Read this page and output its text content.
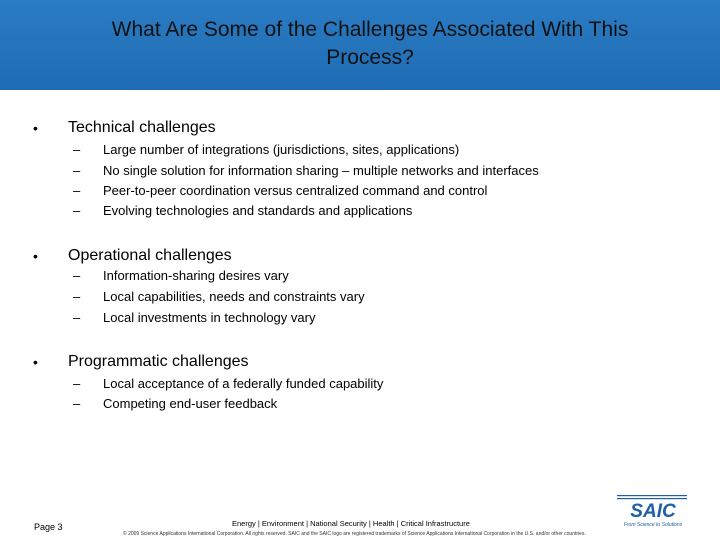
What Are Some of the Challenges Associated With This
Process?
• Technical challenges
– Large number of integrations (jurisdictions, sites, applications)
– No single solution for information sharing – multiple networks and interfaces
– Peer-to-peer coordination versus centralized command and control
– Evolving technologies and standards and applications
• Operational challenges
– Information-sharing desires vary
– Local capabilities, needs and constraints vary
– Local investments in technology vary
• Programmatic challenges
– Local acceptance of a federally funded capability
– Competing end-user feedback
Page 3	Energy | Environment | National Security | Health | Critical Infrastructure
© 2009 Science Applications International Corporation. All rights reserved. SAIC and the SAIC logo are registered trademarks of Science Applications International Corporation in the U.S. and/or other countries.
SAIC
From Science to Solutions
